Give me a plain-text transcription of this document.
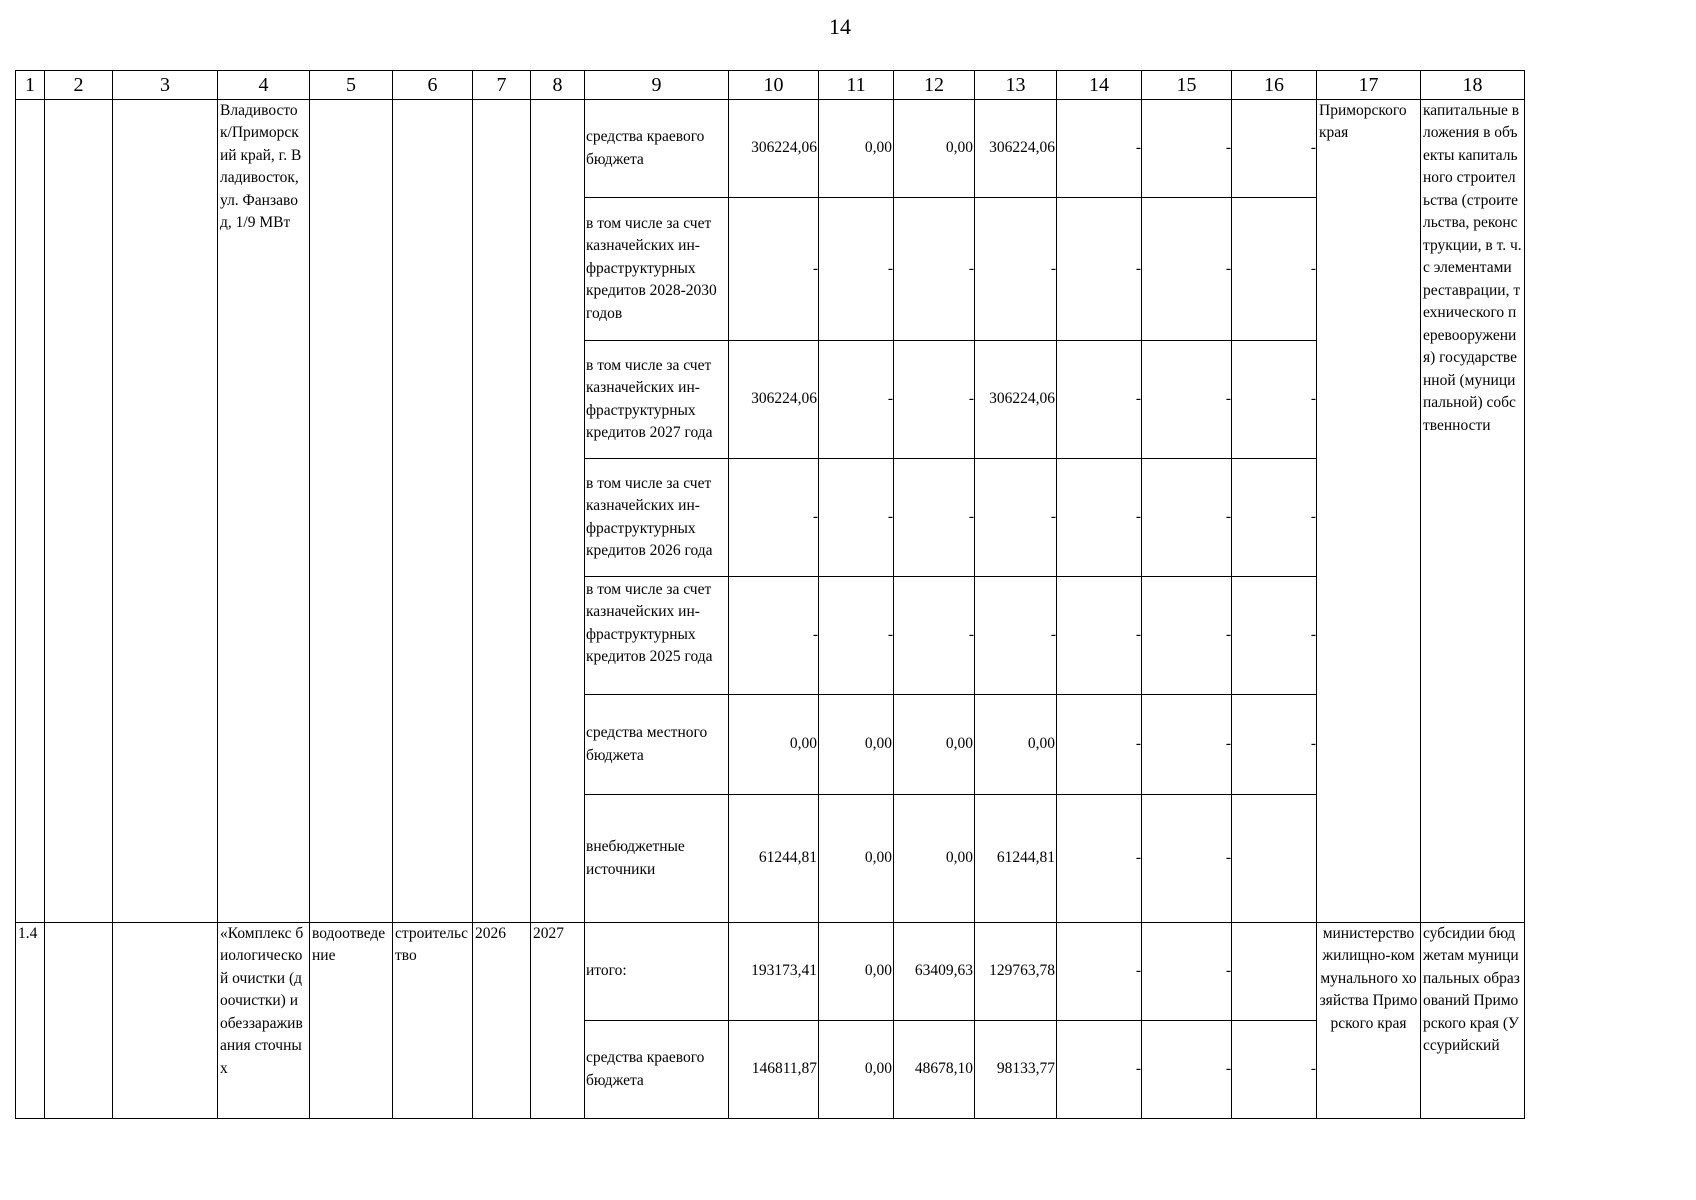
14
1	2	3	4	5	6	7	8	9	10	11	12	13	14	15	16	17	18
			Владивосток/Приморский край, г. Владивосток, ул. Фанзавод, 1/9 МВт					средства краевого бюджета	306224,06	0,00	0,00	306224,06	-	-	-	Приморского края	капитальные вложения в объекты капитального строительства (строительства, реконструкции, в т. ч. с элементами реставрации, технического перевооружения) государственной (муниципальной) собственности
								в том числе за счет казначейских ин-фраструктурных кредитов 2028-2030 годов	-	-	-	-	-	-	-		
								в том числе за счет казначейских ин-фраструктурных кредитов 2027 года	306224,06	-	-	306224,06	-	-	-		
								в том числе за счет казначейских ин-фраструктурных кредитов 2026 года	-	-	-	-	-	-	-		
								в том числе за счет казначейских ин-фраструктурных кредитов 2025 года	-	-	-	-	-	-	-		
								средства местного бюджета	0,00	0,00	0,00	0,00	-	-	-		
								внебюджетные источники	61244,81	0,00	0,00	61244,81	-	-			
1.4			«Комплекс биологической очистки (доочистки) и обеззараживания сточных	водоотведение	строительство	2026	2027	итого:	193173,41	0,00	63409,63	129763,78	-	-		министерство жилищно-коммунального хозяйства Приморского края	субсидии бюджетам муниципальных образований Приморского края (Уссурийский
								средства краевого бюджета	146811,87	0,00	48678,10	98133,77	-	-	-		
